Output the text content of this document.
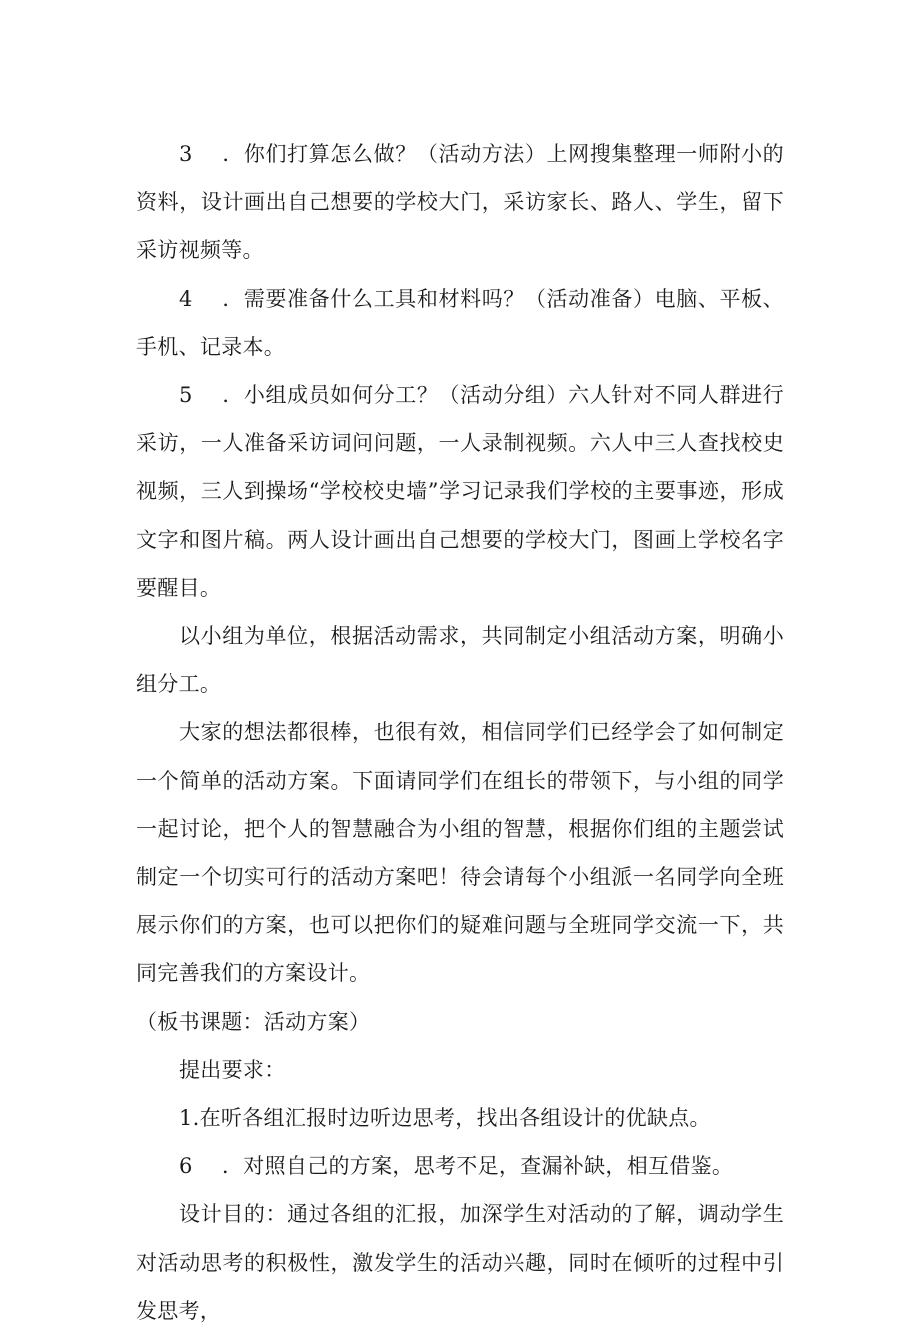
3 ．你们打算怎么做？（活动方法）上网搜集整理一师附小的资料，设计画出自己想要的学校大门，采访家长、路人、学生，留下采访视频等。

4 ．需要准备什么工具和材料吗？（活动准备）电脑、平板、手机、记录本。

5 ．小组成员如何分工？（活动分组）六人针对不同人群进行采访，一人准备采访词问问题，一人录制视频。六人中三人查找校史视频，三人到操场“学校校史墙”学习记录我们学校的主要事迹，形成文字和图片稿。两人设计画出自己想要的学校大门，图画上学校名字要醒目。

以小组为单位，根据活动需求，共同制定小组活动方案，明确小组分工。

大家的想法都很棒，也很有效，相信同学们已经学会了如何制定一个简单的活动方案。下面请同学们在组长的带领下，与小组的同学一起讨论，把个人的智慧融合为小组的智慧，根据你们组的主题尝试制定一个切实可行的活动方案吧！待会请每个小组派一名同学向全班展示你们的方案，也可以把你们的疑难问题与全班同学交流一下，共同完善我们的方案设计。

（板书课题：活动方案）

提出要求：

1.在听各组汇报时边听边思考，找出各组设计的优缺点。

6 ．对照自己的方案，思考不足，查漏补缺，相互借鉴。

设计目的：通过各组的汇报，加深学生对活动的了解，调动学生对活动思考的积极性，激发学生的活动兴趣，同时在倾听的过程中引发思考，
